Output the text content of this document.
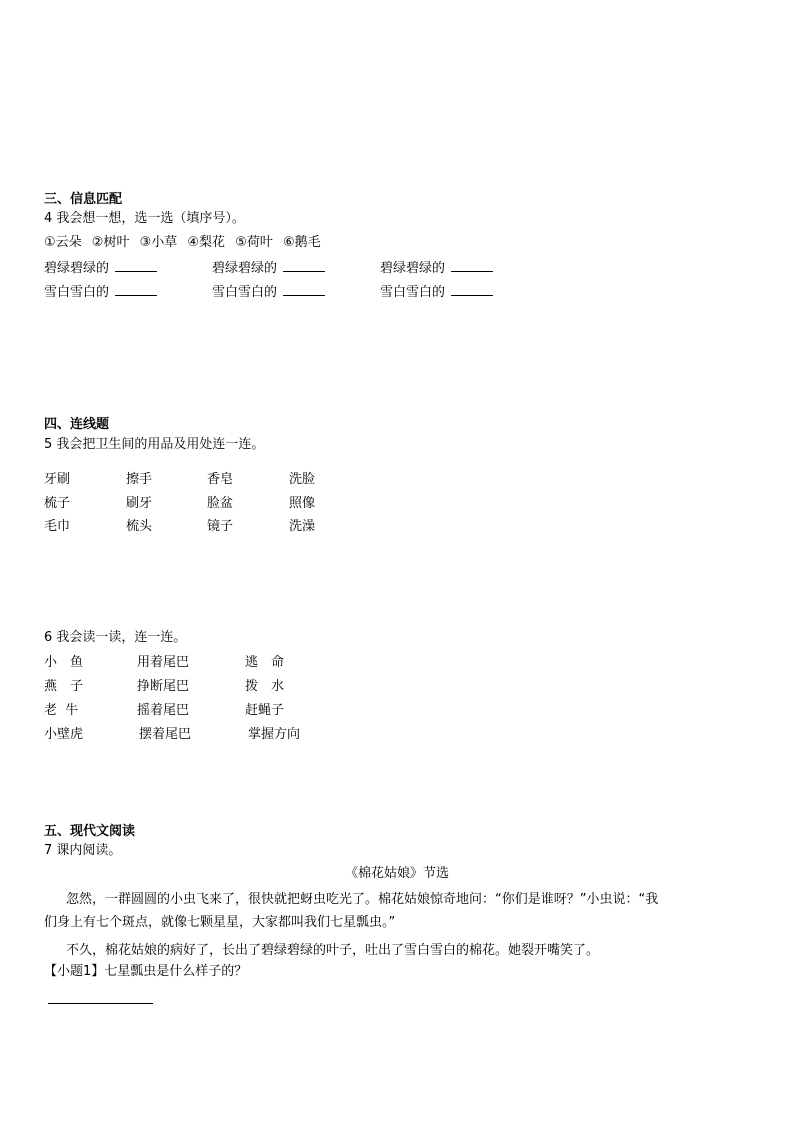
三、信息匹配
4 我会想一想，选一选（填序号）。
①云朵 ②树叶 ③小草 ④梨花 ⑤荷叶 ⑥鹅毛
碧绿碧绿的	碧绿碧绿的	碧绿碧绿的
雪白雪白的	雪白雪白的	雪白雪白的
四、连线题
5 我会把卫生间的用品及用处连一连。
牙刷	擦手	香皂	洗脸
梳子	刷牙	脸盆	照像
毛巾	梳头	镜子	洗澡
6 我会读一读，连一连。
小　鱼	用着尾巴	逃　命
燕　子	挣断尾巴	拨　水
老  牛	摇着尾巴	赶蝇子
小壁虎	摆着尾巴	掌握方向
五、现代文阅读
7 课内阅读。
《棉花姑娘》节选
忽然，一群圆圆的小虫飞来了，很快就把蚜虫吃光了。棉花姑娘惊奇地问：“你们是谁呀？”小虫说：“我
们身上有七个斑点，就像七颗星星，大家都叫我们七星瓢虫。”
不久，棉花姑娘的病好了，长出了碧绿碧绿的叶子，吐出了雪白雪白的棉花。她裂开嘴笑了。
【小题1】七星瓢虫是什么样子的？
